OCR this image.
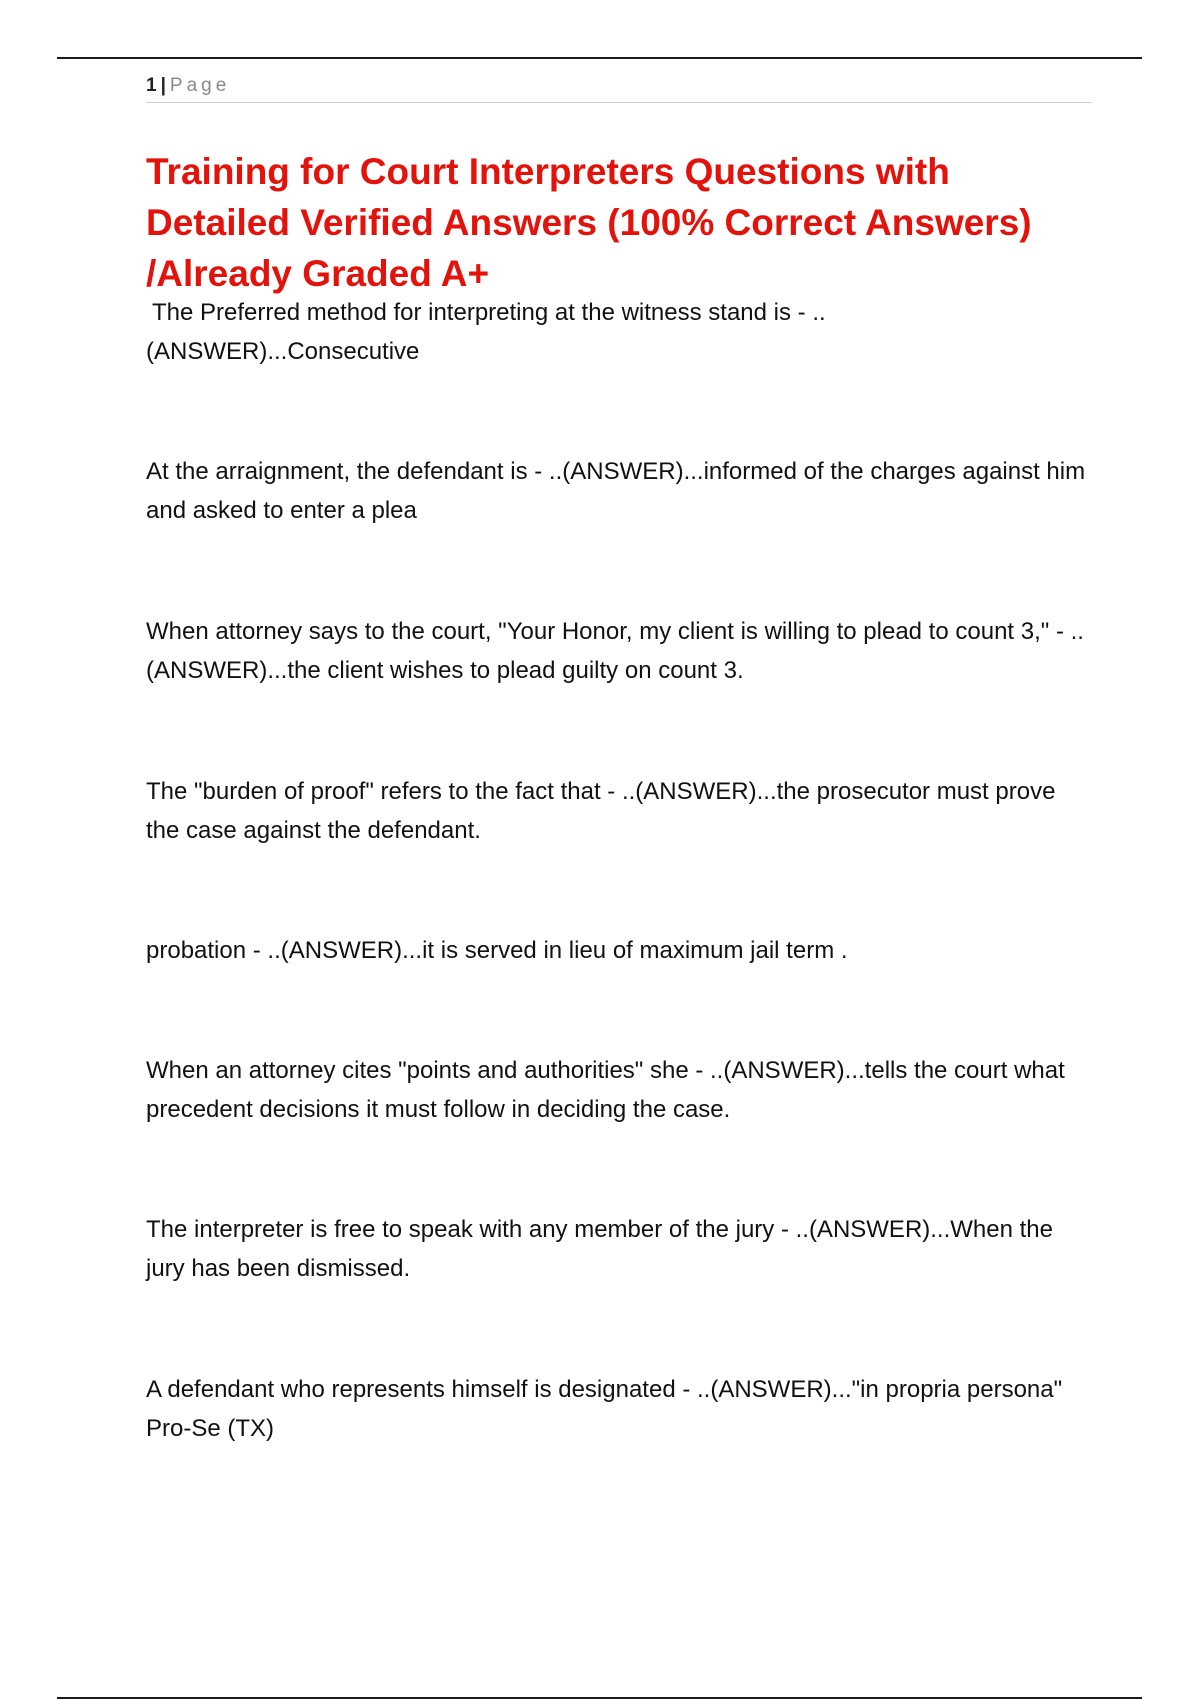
1 | Page
Training for Court Interpreters Questions with Detailed Verified Answers (100% Correct Answers) /Already Graded A+

The Preferred method for interpreting at the witness stand is - ..(ANSWER)...Consecutive

At the arraignment, the defendant is - ..(ANSWER)...informed of the charges against him and asked to enter a plea

When attorney says to the court, "Your Honor, my client is willing to plead to count 3," - ..(ANSWER)...the client wishes to plead guilty on count 3.

The "burden of proof" refers to the fact that - ..(ANSWER)...the prosecutor must prove the case against the defendant.

probation - ..(ANSWER)...it is served in lieu of maximum jail term .

When an attorney cites "points and authorities" she - ..(ANSWER)...tells the court what precedent decisions it must follow in deciding the case.

The interpreter is free to speak with any member of the jury - ..(ANSWER)...When the jury has been dismissed.

A defendant who represents himself is designated - ..(ANSWER)..."in propria persona" Pro-Se (TX)
